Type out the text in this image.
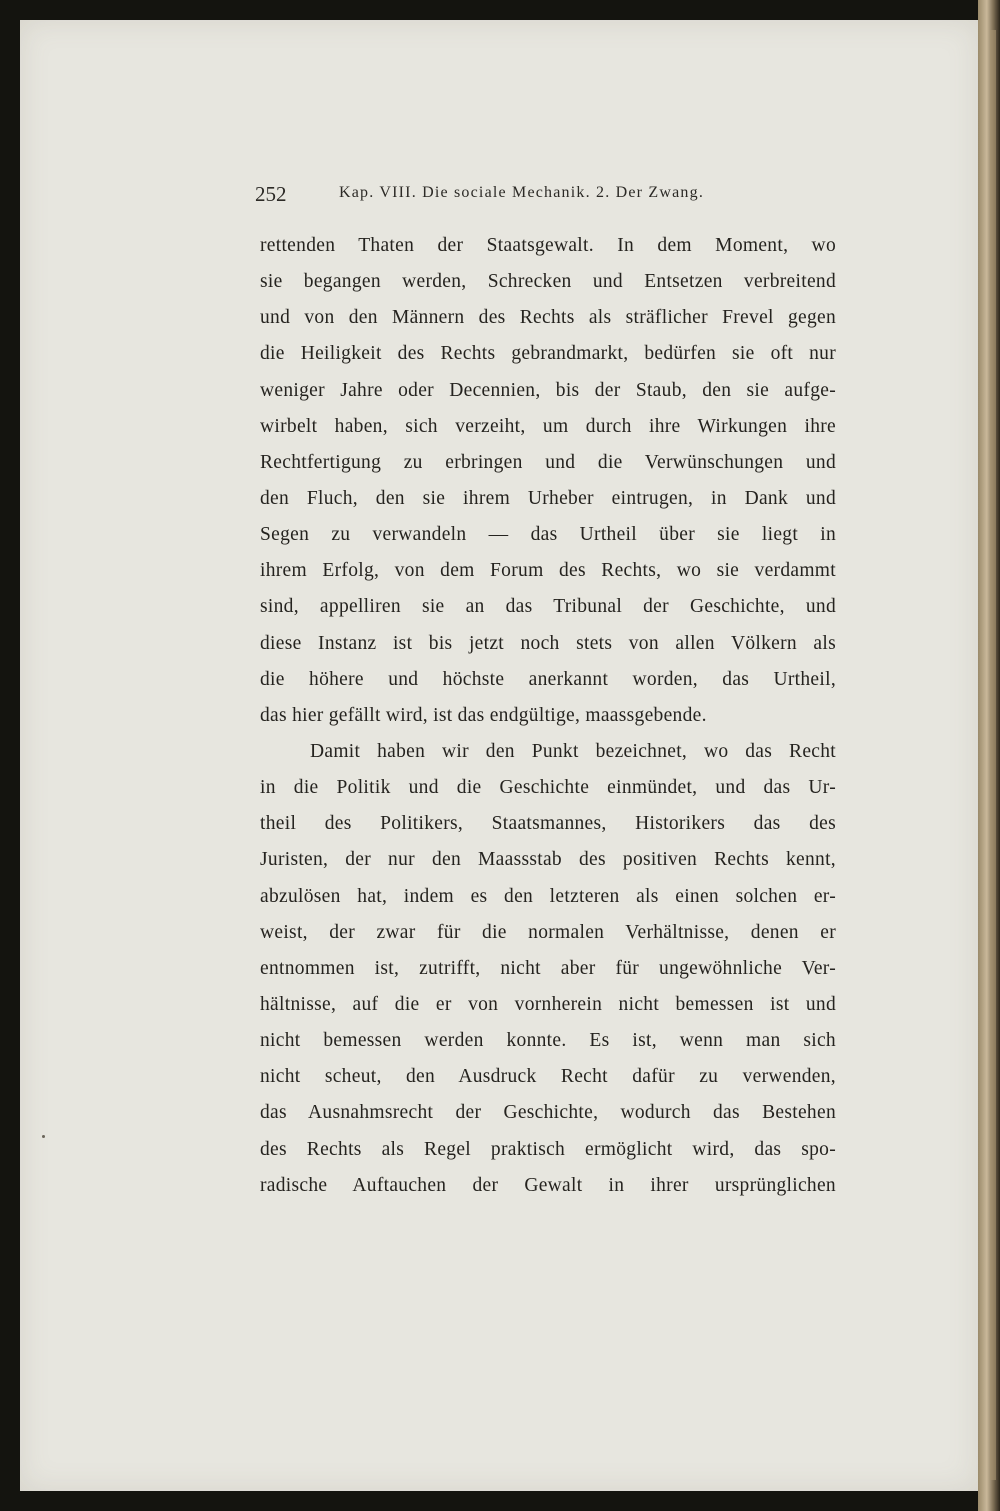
252	Kap. VIII. Die sociale Mechanik. 2. Der Zwang.
rettenden Thaten der Staatsgewalt. In dem Moment, wo
sie begangen werden, Schrecken und Entsetzen verbreitend
und von den Männern des Rechts als sträflicher Frevel gegen
die Heiligkeit des Rechts gebrandmarkt, bedürfen sie oft nur
weniger Jahre oder Decennien, bis der Staub, den sie aufge-
wirbelt haben, sich verzeiht, um durch ihre Wirkungen ihre
Rechtfertigung zu erbringen und die Verwünschungen und
den Fluch, den sie ihrem Urheber eintrugen, in Dank und
Segen zu verwandeln — das Urtheil über sie liegt in
ihrem Erfolg, von dem Forum des Rechts, wo sie verdammt
sind, appelliren sie an das Tribunal der Geschichte, und
diese Instanz ist bis jetzt noch stets von allen Völkern als
die höhere und höchste anerkannt worden, das Urtheil,
das hier gefällt wird, ist das endgültige, maassgebende.
Damit haben wir den Punkt bezeichnet, wo das Recht
in die Politik und die Geschichte einmündet, und das Ur-
theil des Politikers, Staatsmannes, Historikers das des
Juristen, der nur den Maassstab des positiven Rechts kennt,
abzulösen hat, indem es den letzteren als einen solchen er-
weist, der zwar für die normalen Verhältnisse, denen er
entnommen ist, zutrifft, nicht aber für ungewöhnliche Ver-
hältnisse, auf die er von vornherein nicht bemessen ist und
nicht bemessen werden konnte. Es ist, wenn man sich
nicht scheut, den Ausdruck Recht dafür zu verwenden,
das Ausnahmsrecht der Geschichte, wodurch das Bestehen
des Rechts als Regel praktisch ermöglicht wird, das spo-
radische Auftauchen der Gewalt in ihrer ursprünglichen
